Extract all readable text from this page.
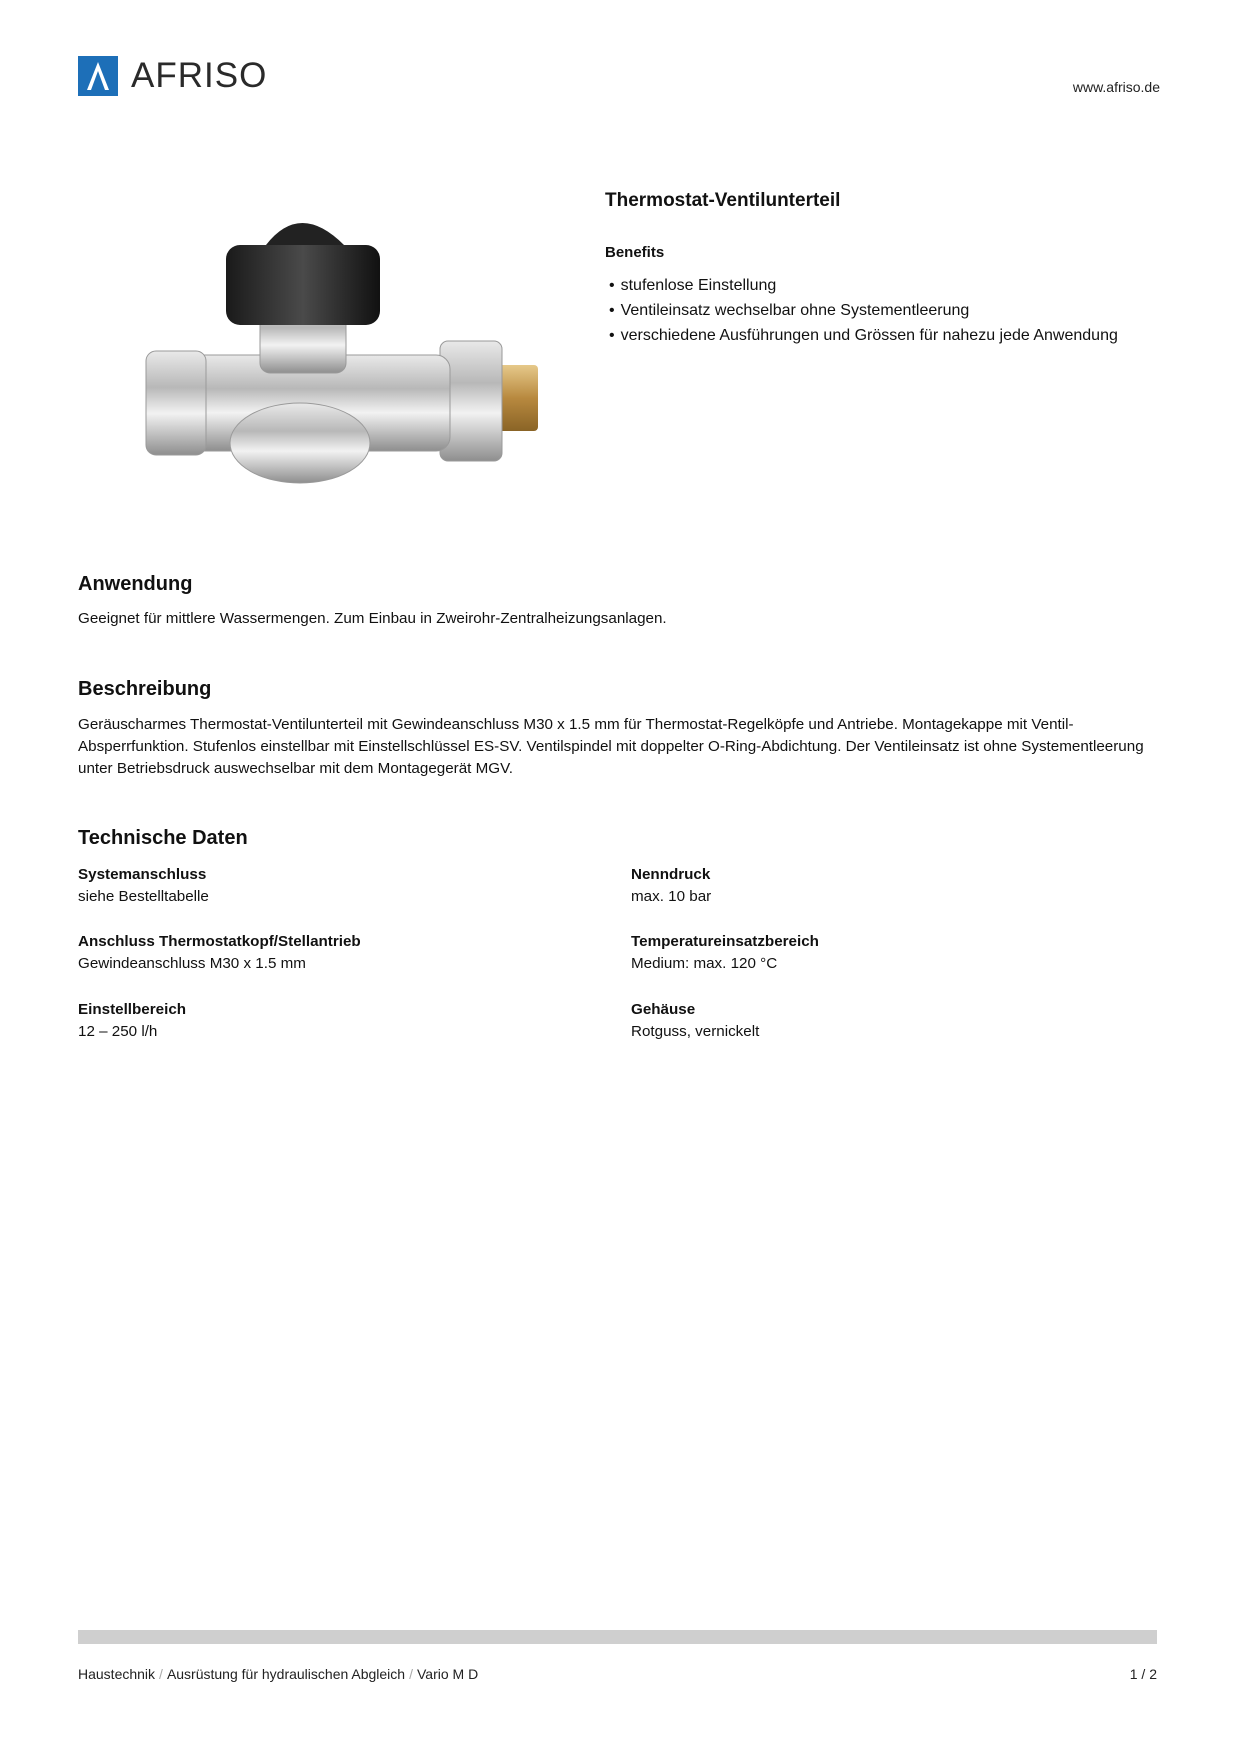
AFRISO	www.afriso.de
Thermostat-Ventilunterteil
Benefits
• stufenlose Einstellung
• Ventileinsatz wechselbar ohne Systementleerung
• verschiedene Ausführungen und Grössen für nahezu jede Anwendung
Anwendung

Geeignet für mittlere Wassermengen. Zum Einbau in Zweirohr-Zentralheizungsanlagen.

Beschreibung

Geräuscharmes Thermostat-Ventilunterteil mit Gewindeanschluss M30 x 1.5 mm für Thermostat-Regelköpfe und Antriebe. Montagekappe mit Ventil-Absperrfunktion. Stufenlos einstellbar mit Einstellschlüssel ES-SV. Ventilspindel mit doppelter O-Ring-Abdichtung. Der Ventileinsatz ist ohne Systementleerung unter Betriebsdruck auswechselbar mit dem Montagegerät MGV.

Technische Daten
Systemanschluss
siehe Bestelltabelle
Nenndruck
max. 10 bar
Anschluss Thermostatkopf/Stellantrieb
Gewindeanschluss M30 x 1.5 mm
Temperatureinsatzbereich
Medium: max. 120 °C
Einstellbereich
12 – 250 l/h
Gehäuse
Rotguss, vernickelt
Haustechnik / Ausrüstung für hydraulischen Abgleich / Vario M D	1 / 2
